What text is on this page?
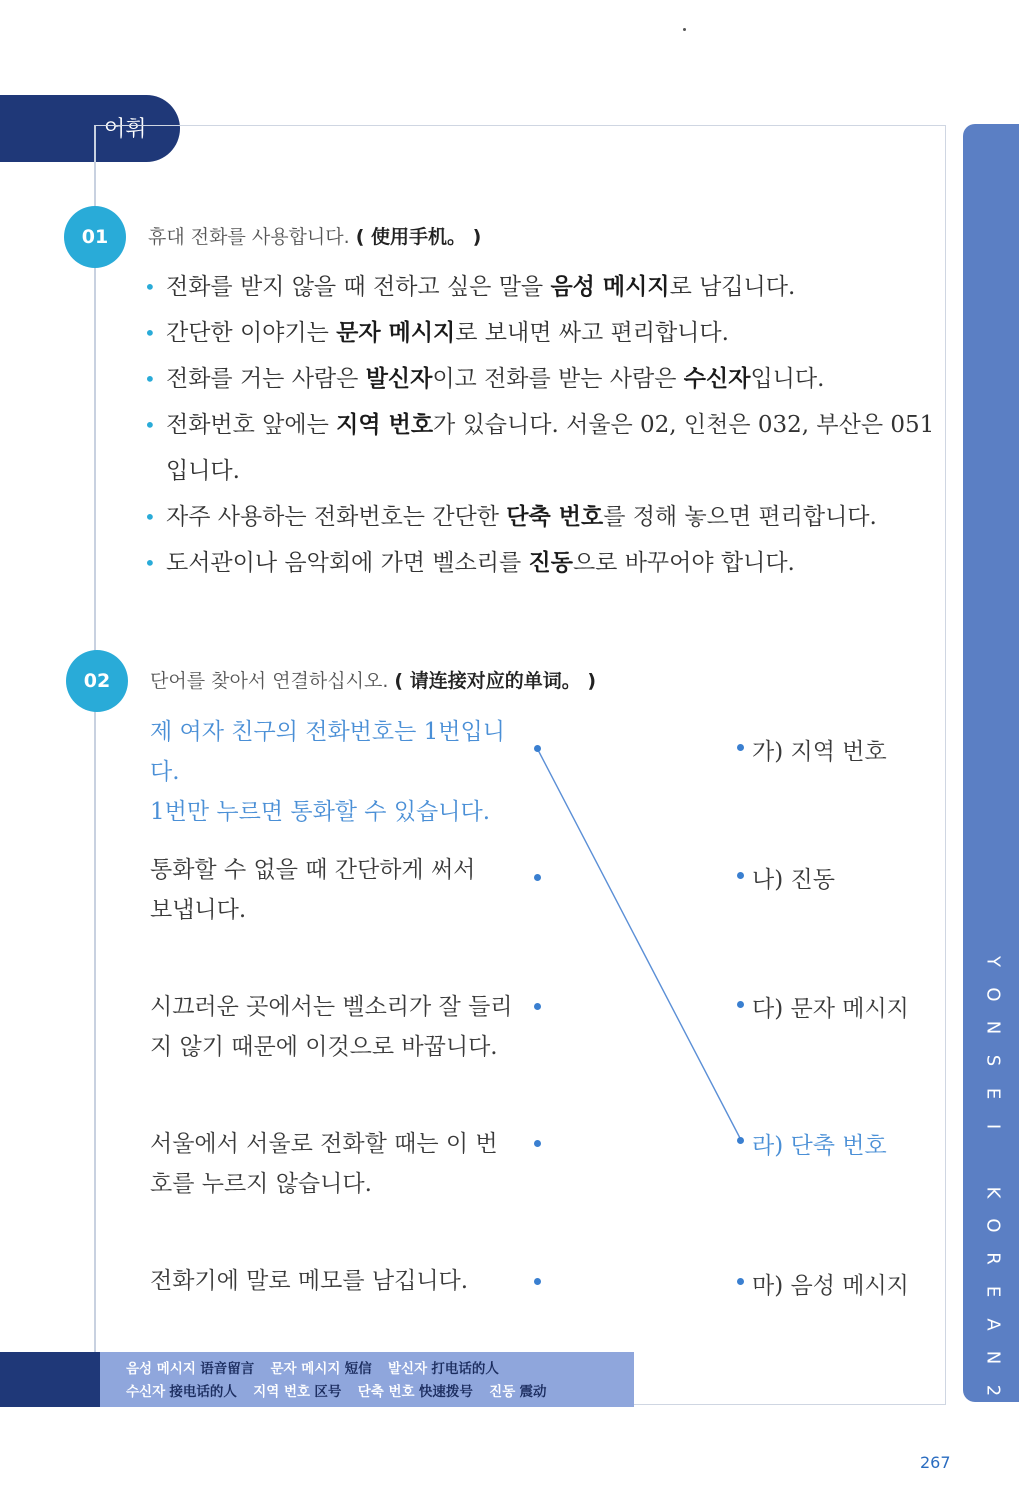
어휘
Y
O
N
S
E
I
K
O
R
E
A
N
2
01	휴대 전화를 사용합니다. ( 使用手机。 )
• 전화를 받지 않을 때 전하고 싶은 말을 음성 메시지로 남깁니다.
• 간단한 이야기는 문자 메시지로 보내면 싸고 편리합니다.
• 전화를 거는 사람은 발신자이고 전화를 받는 사람은 수신자입니다.
• 전화번호 앞에는 지역 번호가 있습니다. 서울은 02, 인천은 032, 부산은 051입니다.
• 자주 사용하는 전화번호는 간단한 단축 번호를 정해 놓으면 편리합니다.
• 도서관이나 음악회에 가면 벨소리를 진동으로 바꾸어야 합니다.
02	단어를 찾아서 연결하십시오. ( 请连接对应的单词。 )
제 여자 친구의 전화번호는 1번입니다.
1번만 누르면 통화할 수 있습니다.
통화할 수 없을 때 간단하게 써서
보냅니다.
시끄러운 곳에서는 벨소리가 잘 들리
지 않기 때문에 이것으로 바꿉니다.
서울에서 서울로 전화할 때는 이 번
호를 누르지 않습니다.
전화기에 말로 메모를 남깁니다.
가) 지역 번호
나) 진동
다) 문자 메시지
라) 단축 번호
마) 음성 메시지
음성 메시지 语音留言 문자 메시지 短信 발신자 打电话的人
수신자 接电话的人 지역 번호 区号 단축 번호 快速拨号 진동 震动
267
